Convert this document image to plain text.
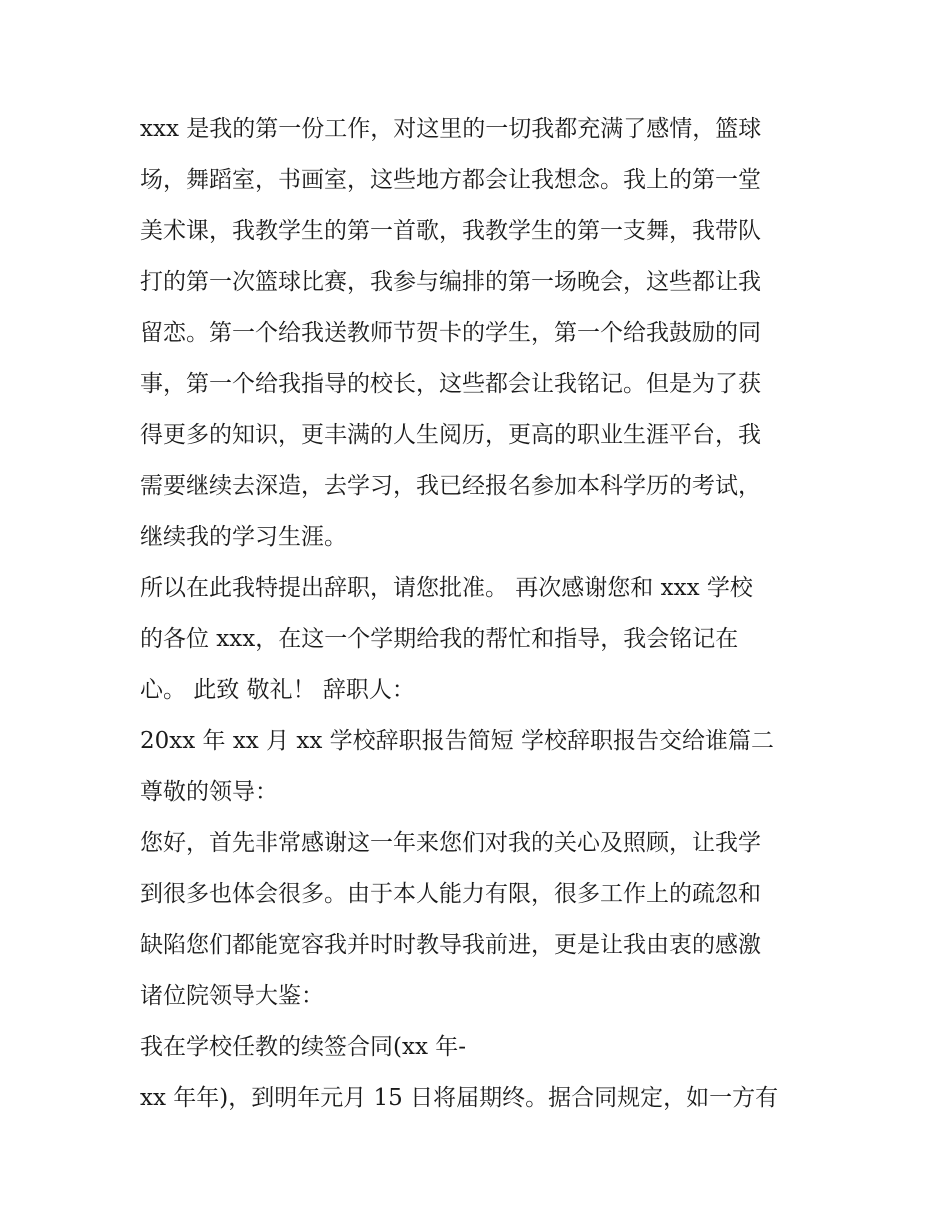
xxx 是我的第一份工作，对这里的一切我都充满了感情，篮球
场，舞蹈室，书画室，这些地方都会让我想念。我上的第一堂
美术课，我教学生的第一首歌，我教学生的第一支舞，我带队
打的第一次篮球比赛，我参与编排的第一场晚会，这些都让我
留恋。第一个给我送教师节贺卡的学生，第一个给我鼓励的同
事，第一个给我指导的校长，这些都会让我铭记。但是为了获
得更多的知识，更丰满的人生阅历，更高的职业生涯平台，我
需要继续去深造，去学习，我已经报名参加本科学历的考试，
继续我的学习生涯。
所以在此我特提出辞职，请您批准。 再次感谢您和 xxx 学校
的各位 xxx，在这一个学期给我的帮忙和指导，我会铭记在
心。 此致 敬礼！ 辞职人：
20xx 年 xx 月 xx 学校辞职报告简短 学校辞职报告交给谁篇二
尊敬的领导：
您好，首先非常感谢这一年来您们对我的关心及照顾，让我学
到很多也体会很多。由于本人能力有限，很多工作上的疏忽和
缺陷您们都能宽容我并时时教导我前进，更是让我由衷的感激
诸位院领导大鉴：
我在学校任教的续签合同(xx 年-
xx 年年)，到明年元月 15 日将届期终。据合同规定，如一方有
